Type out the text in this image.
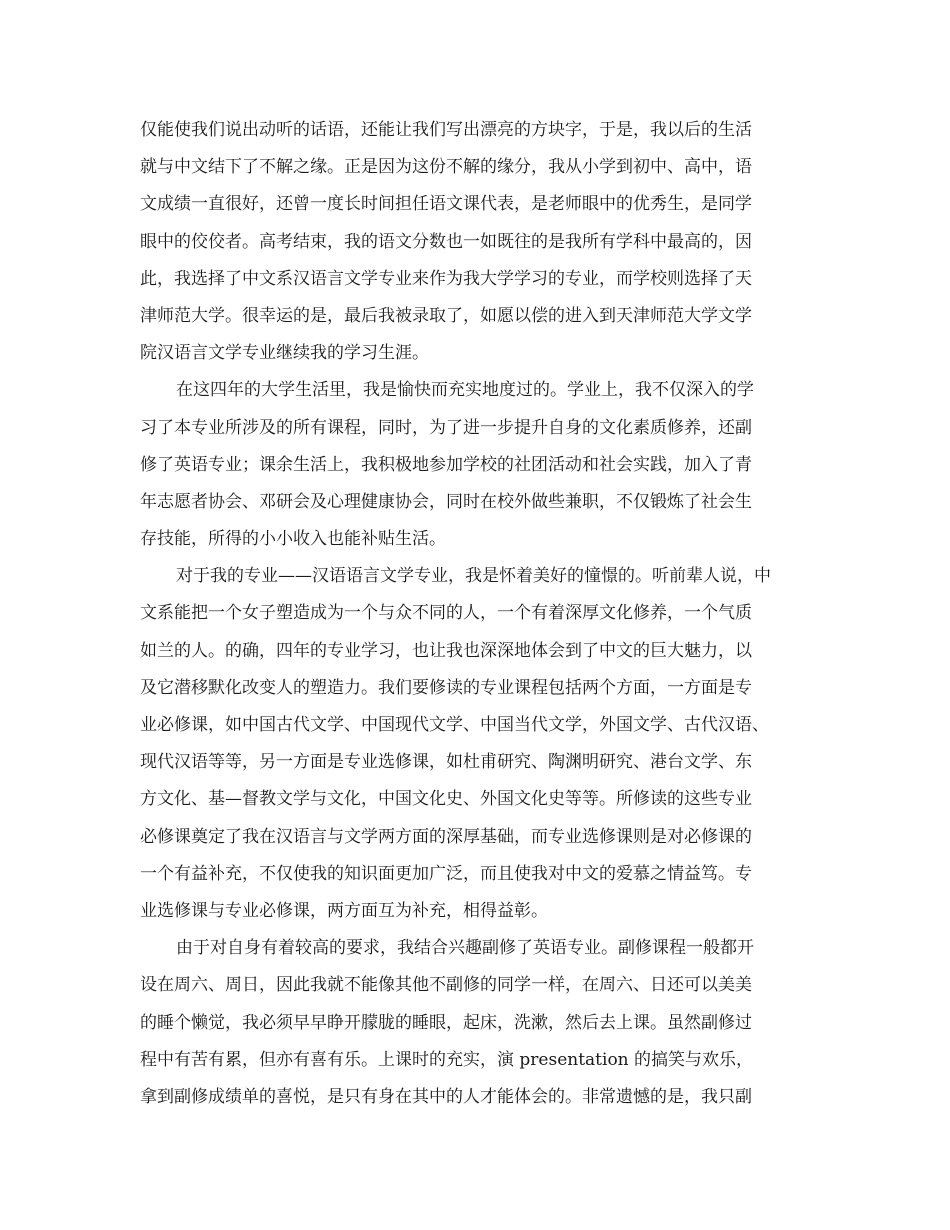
仅能使我们说出动听的话语，还能让我们写出漂亮的方块字，于是，我以后的生活
就与中文结下了不解之缘。正是因为这份不解的缘分，我从小学到初中、高中，语
文成绩一直很好，还曾一度长时间担任语文课代表，是老师眼中的优秀生，是同学
眼中的佼佼者。高考结束，我的语文分数也一如既往的是我所有学科中最高的，因
此，我选择了中文系汉语言文学专业来作为我大学学习的专业，而学校则选择了天
津师范大学。很幸运的是，最后我被录取了，如愿以偿的进入到天津师范大学文学
院汉语言文学专业继续我的学习生涯。
在这四年的大学生活里，我是愉快而充实地度过的。学业上，我不仅深入的学
习了本专业所涉及的所有课程，同时，为了进一步提升自身的文化素质修养，还副
修了英语专业；课余生活上，我积极地参加学校的社团活动和社会实践，加入了青
年志愿者协会、邓研会及心理健康协会，同时在校外做些兼职，不仅锻炼了社会生
存技能，所得的小小收入也能补贴生活。
对于我的专业——汉语语言文学专业，我是怀着美好的憧憬的。听前辈人说，中
文系能把一个女子塑造成为一个与众不同的人，一个有着深厚文化修养，一个气质
如兰的人。的确，四年的专业学习，也让我也深深地体会到了中文的巨大魅力，以
及它潜移默化改变人的塑造力。我们要修读的专业课程包括两个方面，一方面是专
业必修课，如中国古代文学、中国现代文学、中国当代文学，外国文学、古代汉语、
现代汉语等等，另一方面是专业选修课，如杜甫研究、陶渊明研究、港台文学、东
方文化、基—督教文学与文化，中国文化史、外国文化史等等。所修读的这些专业
必修课奠定了我在汉语言与文学两方面的深厚基础，而专业选修课则是对必修课的
一个有益补充，不仅使我的知识面更加广泛，而且使我对中文的爱慕之情益笃。专
业选修课与专业必修课，两方面互为补充，相得益彰。
由于对自身有着较高的要求，我结合兴趣副修了英语专业。副修课程一般都开
设在周六、周日，因此我就不能像其他不副修的同学一样，在周六、日还可以美美
的睡个懒觉，我必须早早睁开朦胧的睡眼，起床，洗漱，然后去上课。虽然副修过
程中有苦有累，但亦有喜有乐。上课时的充实，演 presentation 的搞笑与欢乐，
拿到副修成绩单的喜悦，是只有身在其中的人才能体会的。非常遗憾的是，我只副
